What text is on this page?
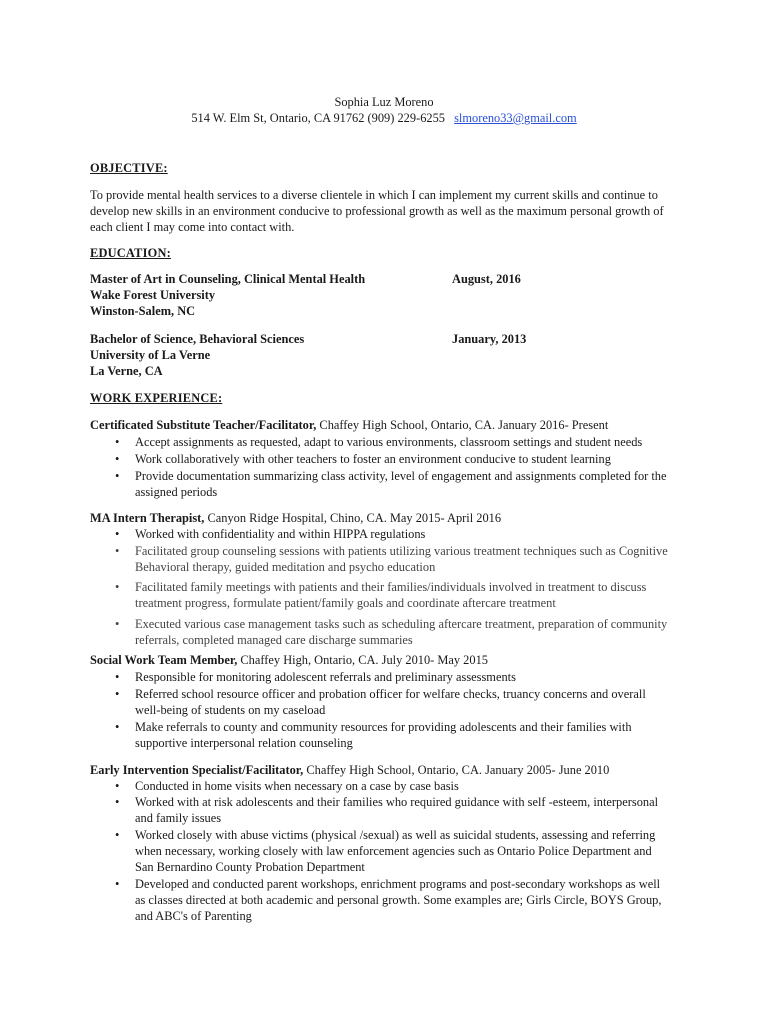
Sophia Luz Moreno
514 W. Elm St, Ontario, CA 91762 (909) 229-6255 slmoreno33@gmail.com
OBJECTIVE:
To provide mental health services to a diverse clientele in which I can implement my current skills and continue to
develop new skills in an environment conducive to professional growth as well as the maximum personal growth of
each client I may come into contact with.
EDUCATION:
Master of Art in Counseling, Clinical Mental Health	August, 2016
Wake Forest University
Winston-Salem, NC
Bachelor of Science, Behavioral Sciences	January, 2013
University of La Verne
La Verne, CA
WORK EXPERIENCE:
Certificated Substitute Teacher/Facilitator, Chaffey High School, Ontario, CA. January 2016- Present
• Accept assignments as requested, adapt to various environments, classroom settings and student needs
• Work collaboratively with other teachers to foster an environment conducive to student learning
• Provide documentation summarizing class activity, level of engagement and assignments completed for the
assigned periods
MA Intern Therapist, Canyon Ridge Hospital, Chino, CA. May 2015- April 2016
• Worked with confidentiality and within HIPPA regulations
• Facilitated group counseling sessions with patients utilizing various treatment techniques such as Cognitive
Behavioral therapy, guided meditation and psycho education
• Facilitated family meetings with patients and their families/individuals involved in treatment to discuss
treatment progress, formulate patient/family goals and coordinate aftercare treatment
• Executed various case management tasks such as scheduling aftercare treatment, preparation of community
referrals, completed managed care discharge summaries
Social Work Team Member, Chaffey High, Ontario, CA. July 2010- May 2015
• Responsible for monitoring adolescent referrals and preliminary assessments
• Referred school resource officer and probation officer for welfare checks, truancy concerns and overall
well-being of students on my caseload
• Make referrals to county and community resources for providing adolescents and their families with
supportive interpersonal relation counseling
Early Intervention Specialist/Facilitator, Chaffey High School, Ontario, CA. January 2005- June 2010
• Conducted in home visits when necessary on a case by case basis
• Worked with at risk adolescents and their families who required guidance with self -esteem, interpersonal
and family issues
• Worked closely with abuse victims (physical /sexual) as well as suicidal students, assessing and referring
when necessary, working closely with law enforcement agencies such as Ontario Police Department and
San Bernardino County Probation Department
• Developed and conducted parent workshops, enrichment programs and post-secondary workshops as well
as classes directed at both academic and personal growth. Some examples are; Girls Circle, BOYS Group,
and ABC's of Parenting
